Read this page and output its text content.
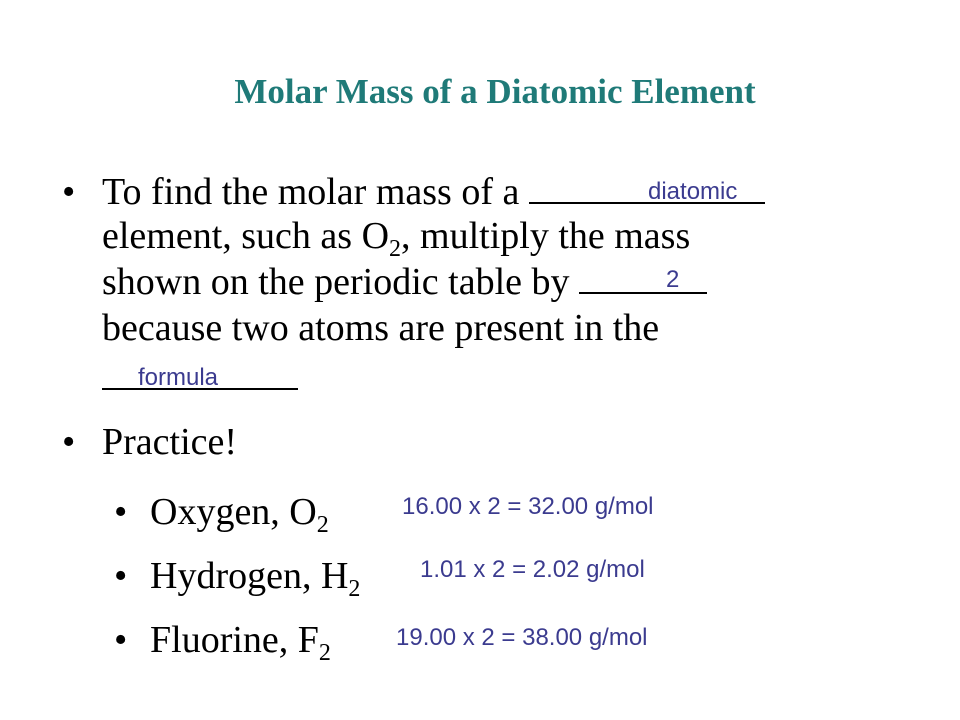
Molar Mass of a Diatomic Element
• To find the molar mass of a	diatomic
element, such as $O_2$, multiply the mass
shown on the periodic table by	2
because two atoms are present in the
formula
• Practice!
• Oxygen, $O_2$
16.00 x 2 = 32.00 g/mol
• Hydrogen, $H_2$
1.01 x 2 = 2.02 g/mol
• Fluorine, $F_2$
19.00 x 2 = 38.00 g/mol
